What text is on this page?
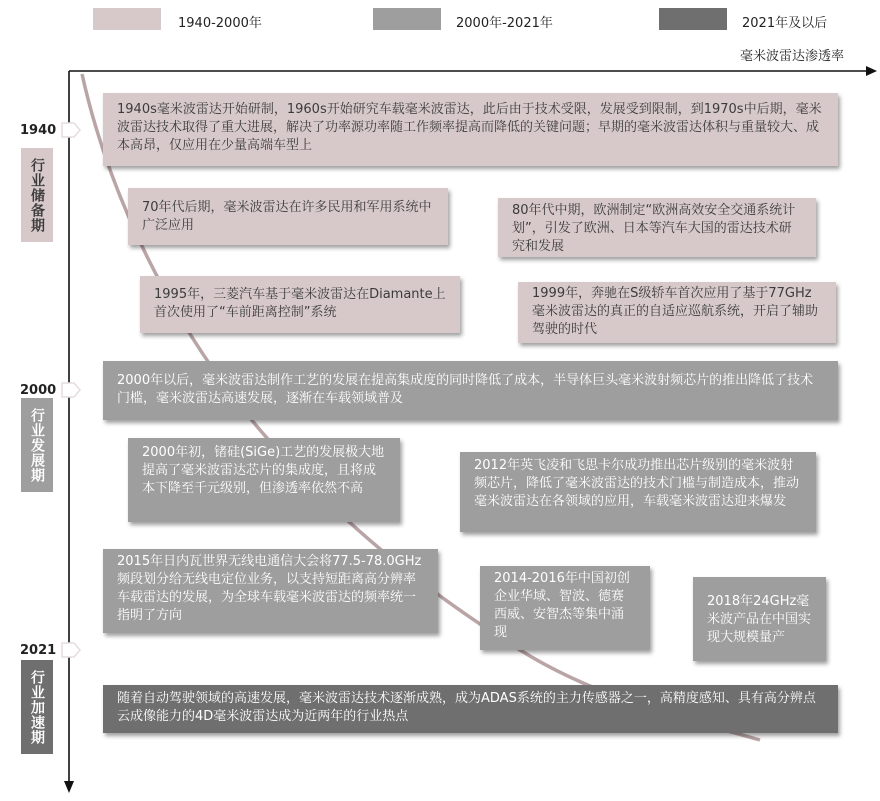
1940-2000年	2000年-2021年	2021年及以后
毫米波雷达渗透率
1940
2000
2021
行业储备期
行业发展期
行业加速期
1940s毫米波雷达开始研制，1960s开始研究车载毫米波雷达，此后由于技术受限，发展受到限制，到1970s中后期，毫米波雷达技术取得了重大进展，解决了功率源功率随工作频率提高而降低的关键问题；早期的毫米波雷达体积与重量较大、成本高昂，仅应用在少量高端车型上
70年代后期，毫米波雷达在许多民用和军用系统中广泛应用
80年代中期，欧洲制定“欧洲高效安全交通系统计划”，引发了欧洲、日本等汽车大国的雷达技术研究和发展
1995年，三菱汽车基于毫米波雷达在Diamante上首次使用了“车前距离控制”系统
1999年，奔驰在S级轿车首次应用了基于77GHz毫米波雷达的真正的自适应巡航系统，开启了辅助驾驶的时代
2000年以后，毫米波雷达制作工艺的发展在提高集成度的同时降低了成本，半导体巨头毫米波射频芯片的推出降低了技术门槛，毫米波雷达高速发展，逐渐在车载领域普及
2000年初，锗硅(SiGe)工艺的发展极大地提高了毫米波雷达芯片的集成度，且将成本下降至千元级别，但渗透率依然不高
2012年英飞凌和飞思卡尔成功推出芯片级别的毫米波射频芯片，降低了毫米波雷达的技术门槛与制造成本，推动毫米波雷达在各领域的应用，车载毫米波雷达迎来爆发
2015年日内瓦世界无线电通信大会将77.5-78.0GHz频段划分给无线电定位业务，以支持短距离高分辨率车载雷达的发展，为全球车载毫米波雷达的频率统一指明了方向
2014-2016年中国初创企业华域、智波、德赛西威、安智杰等集中涌现
2018年24GHz毫米波产品在中国实现大规模量产
随着自动驾驶领域的高速发展，毫米波雷达技术逐渐成熟，成为ADAS系统的主力传感器之一，高精度感知、具有高分辨点云成像能力的4D毫米波雷达成为近两年的行业热点
